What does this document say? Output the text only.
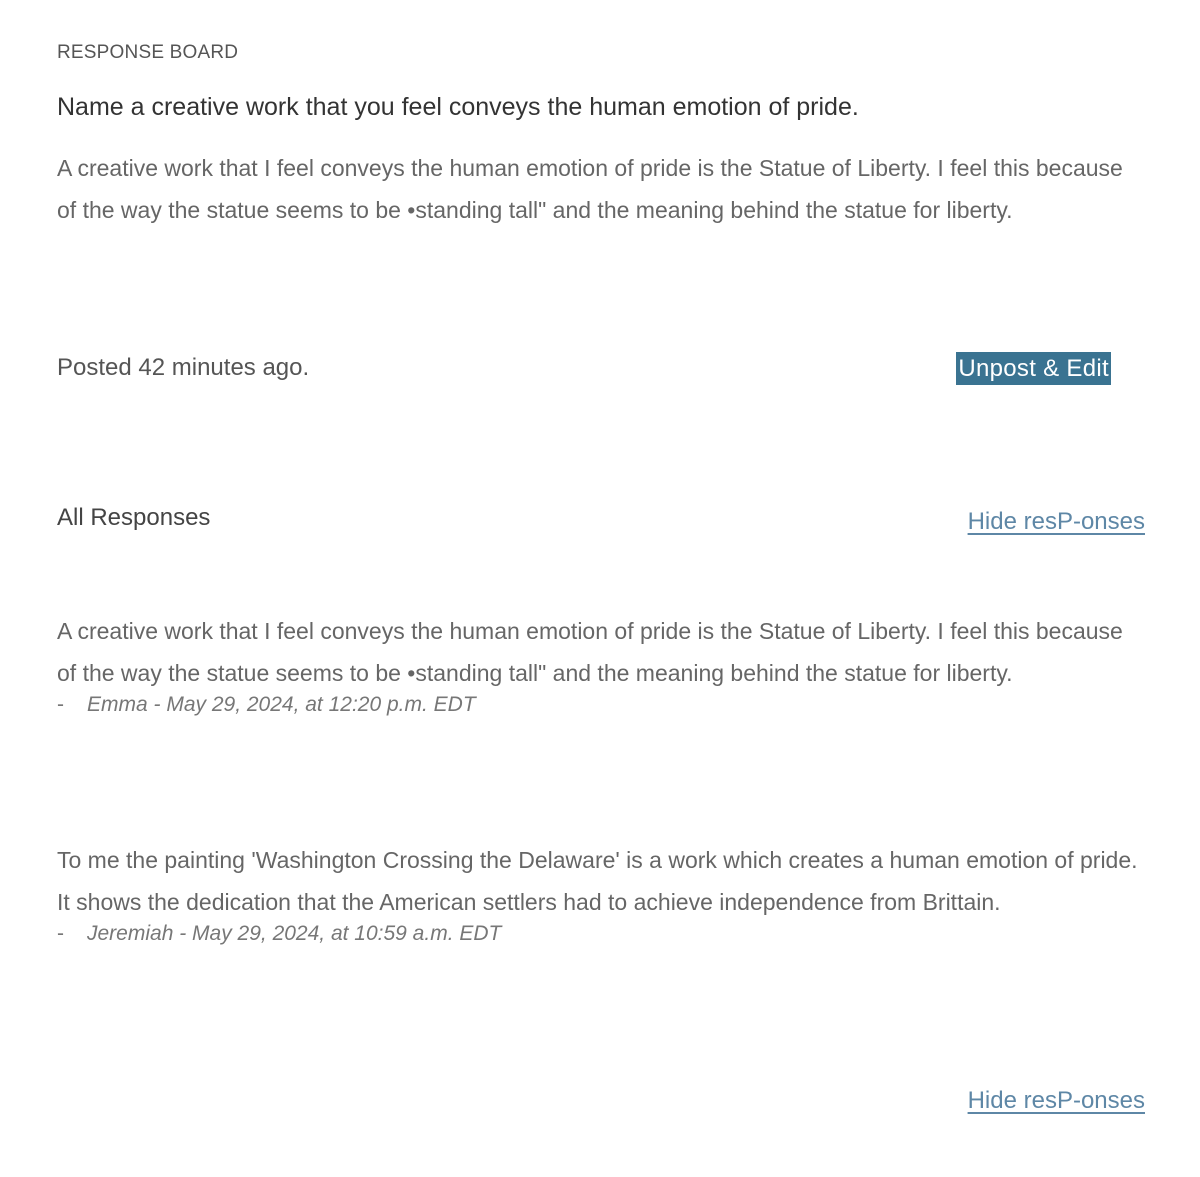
RESPONSE BOARD
Name a creative work that you feel conveys the human emotion of pride.
A creative work that I feel conveys the human emotion of pride is the Statue of Liberty. I feel this because of the way the statue seems to be •standing tall" and the meaning behind the statue for liberty.
Posted 42 minutes ago.	Unpost & Edit
All Responses	Hide resP-onses
A creative work that I feel conveys the human emotion of pride is the Statue of Liberty. I feel this because of the way the statue seems to be •standing tall" and the meaning behind the statue for liberty.
- Emma - May 29, 2024, at 12:20 p.m. EDT
To me the painting 'Washington Crossing the Delaware' is a work which creates a human emotion of pride. It shows the dedication that the American settlers had to achieve independence from Brittain.
- Jeremiah - May 29, 2024, at 10:59 a.m. EDT
Hide resP-onses
